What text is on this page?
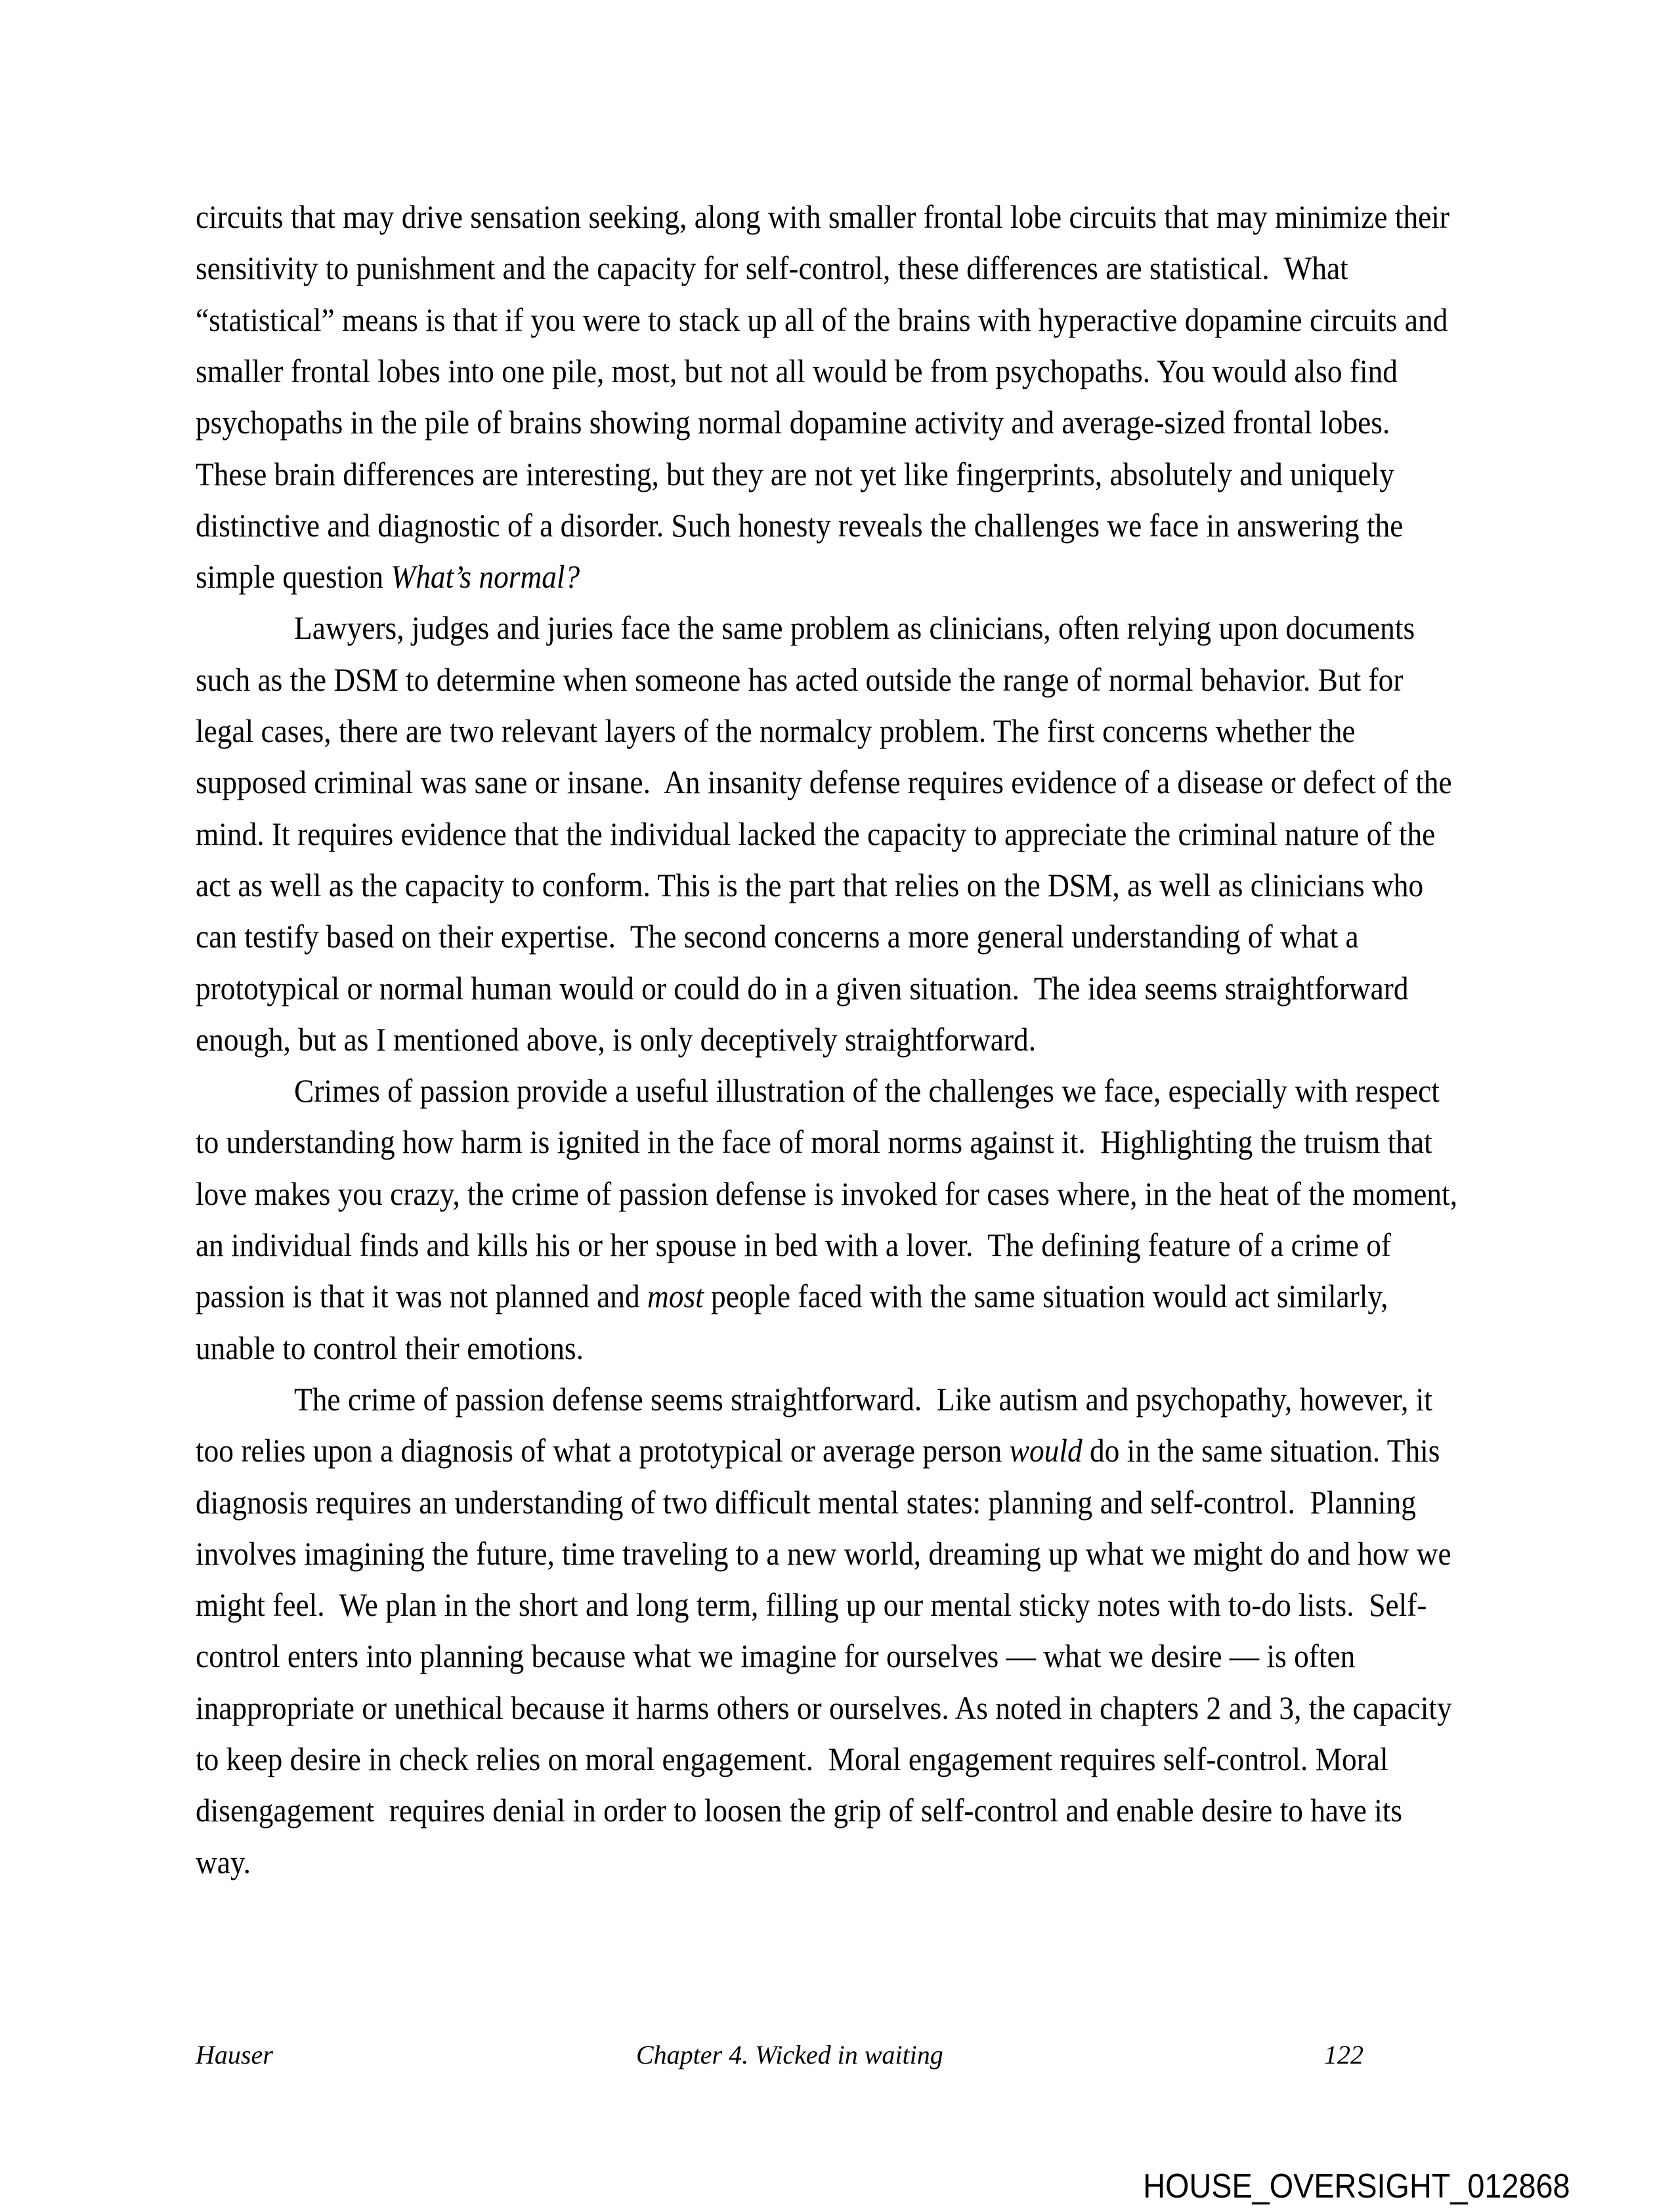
circuits that may drive sensation seeking, along with smaller frontal lobe circuits that may minimize their
sensitivity to punishment and the capacity for self-control, these differences are statistical.  What
“statistical” means is that if you were to stack up all of the brains with hyperactive dopamine circuits and
smaller frontal lobes into one pile, most, but not all would be from psychopaths. You would also find
psychopaths in the pile of brains showing normal dopamine activity and average-sized frontal lobes.
These brain differences are interesting, but they are not yet like fingerprints, absolutely and uniquely
distinctive and diagnostic of a disorder. Such honesty reveals the challenges we face in answering the
simple question What’s normal?
Lawyers, judges and juries face the same problem as clinicians, often relying upon documents
such as the DSM to determine when someone has acted outside the range of normal behavior. But for
legal cases, there are two relevant layers of the normalcy problem. The first concerns whether the
supposed criminal was sane or insane.  An insanity defense requires evidence of a disease or defect of the
mind. It requires evidence that the individual lacked the capacity to appreciate the criminal nature of the
act as well as the capacity to conform. This is the part that relies on the DSM, as well as clinicians who
can testify based on their expertise.  The second concerns a more general understanding of what a
prototypical or normal human would or could do in a given situation.  The idea seems straightforward
enough, but as I mentioned above, is only deceptively straightforward.
Crimes of passion provide a useful illustration of the challenges we face, especially with respect
to understanding how harm is ignited in the face of moral norms against it.  Highlighting the truism that
love makes you crazy, the crime of passion defense is invoked for cases where, in the heat of the moment,
an individual finds and kills his or her spouse in bed with a lover.  The defining feature of a crime of
passion is that it was not planned and most people faced with the same situation would act similarly,
unable to control their emotions.
The crime of passion defense seems straightforward.  Like autism and psychopathy, however, it
too relies upon a diagnosis of what a prototypical or average person would do in the same situation. This
diagnosis requires an understanding of two difficult mental states: planning and self-control.  Planning
involves imagining the future, time traveling to a new world, dreaming up what we might do and how we
might feel.  We plan in the short and long term, filling up our mental sticky notes with to-do lists.  Self-
control enters into planning because what we imagine for ourselves — what we desire — is often
inappropriate or unethical because it harms others or ourselves. As noted in chapters 2 and 3, the capacity
to keep desire in check relies on moral engagement.  Moral engagement requires self-control. Moral
disengagement  requires denial in order to loosen the grip of self-control and enable desire to have its
way.
Hauser	Chapter 4. Wicked in waiting	122
HOUSE_OVERSIGHT_012868
